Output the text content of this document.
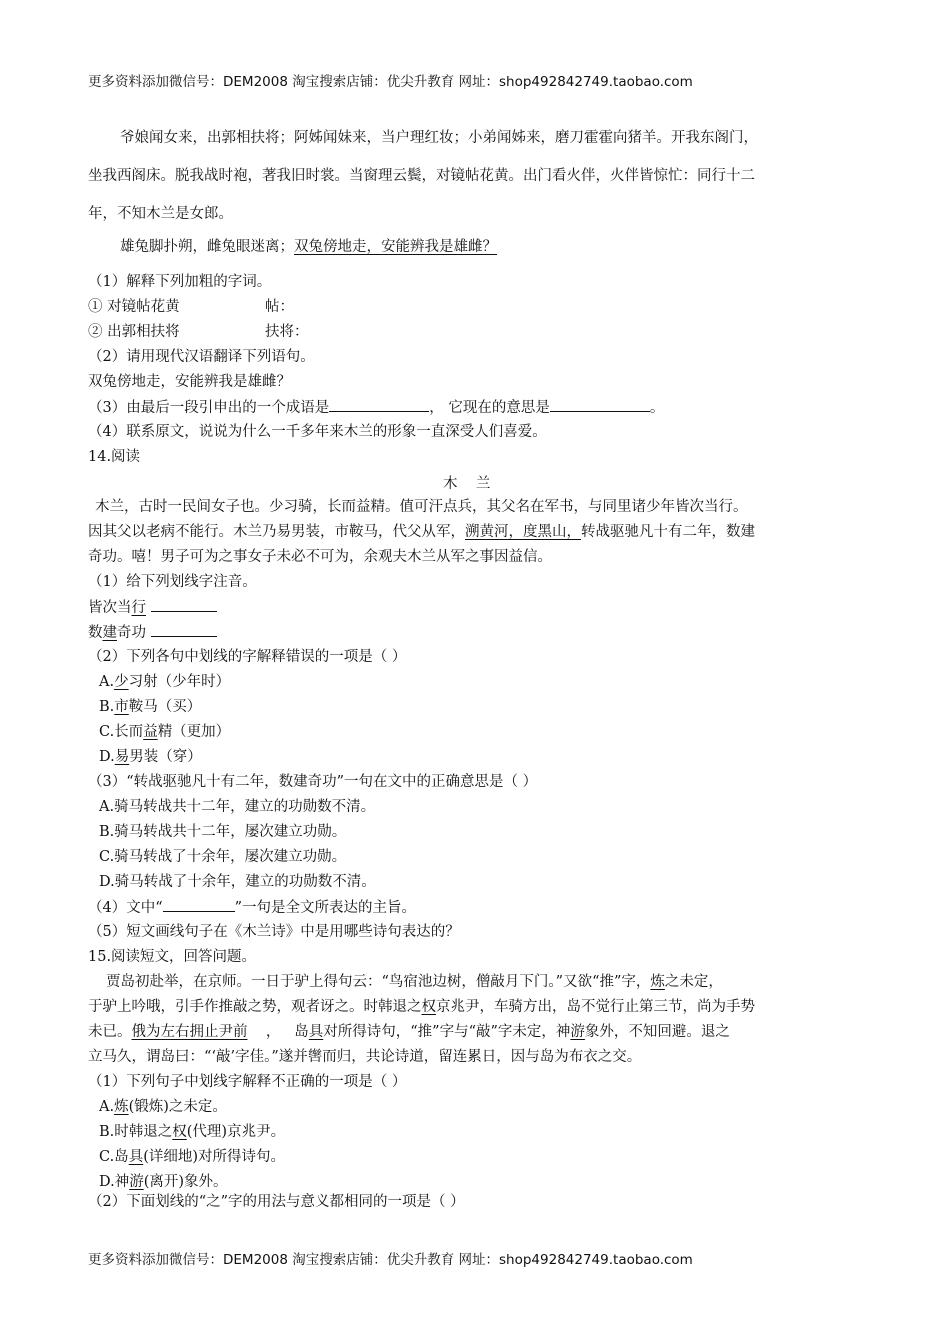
更多资料添加微信号：DEM2008 淘宝搜索店铺：优尖升教育 网址：shop492842749.taobao.com
爷娘闻女来，出郭相扶将；阿姊闻妹来，当户理红妆；小弟闻姊来，磨刀霍霍向猪羊。开我东阁门，
坐我西阁床。脱我战时袍，著我旧时裳。当窗理云鬓，对镜帖花黄。出门看火伴，火伴皆惊忙：同行十二
年，不知木兰是女郎。
雄兔脚扑朔，雌兔眼迷离；双兔傍地走，安能辨我是雄雌？
（1）解释下列加粗的字词。
① 对镜帖花黄	帖：
② 出郭相扶将	扶将：
（2）请用现代汉语翻译下列语句。
双兔傍地走，安能辨我是雄雌？
（3）由最后一段引申出的一个成语是	， 它现在的意思是	。
（4）联系原文，说说为什么一千多年来木兰的形象一直深受人们喜爱。
14.阅读
木    兰
木兰，古时一民间女子也。少习骑，长而益精。值可汗点兵，其父名在军书，与同里诸少年皆次当行。
因其父以老病不能行。木兰乃易男装，市鞍马，代父从军，溯黄河，度黑山，转战驱驰凡十有二年，数建
奇功。嘻！男子可为之事女子未必不可为，余观夫木兰从军之事因益信。
（1）给下列划线字注音。
皆次当行
数建奇功
（2）下列各句中划线的字解释错误的一项是（ ）
A.少习射（少年时）
B.市鞍马（买）
C.长而益精（更加）
D.易男装（穿）
（3）“转战驱驰凡十有二年，数建奇功”一句在文中的正确意思是（ ）
A.骑马转战共十二年，建立的功勋数不清。
B.骑马转战共十二年，屡次建立功勋。
C.骑马转战了十余年，屡次建立功勋。
D.骑马转战了十余年，建立的功勋数不清。
（4）文中“	”一句是全文所表达的主旨。
（5）短文画线句子在《木兰诗》中是用哪些诗句表达的？
15.阅读短文，回答问题。
贾岛初赴举，在京师。一日于驴上得句云：“鸟宿池边树，僧敲月下门。”又欲“推”字，炼之未定，
于驴上吟哦，引手作推敲之势，观者讶之。时韩退之权京兆尹，车骑方出，岛不觉行止第三节，尚为手势
未已。俄为左右拥止尹前    ，   岛具对所得诗句，“推”字与“敲”字未定，神游象外，不知回避。退之
立马久，谓岛曰：“‘敲’字佳。”遂并辔而归，共论诗道，留连累日，因与岛为布衣之交。
（1）下列句子中划线字解释不正确的一项是（ ）
A.炼(锻炼)之未定。
B.时韩退之权(代理)京兆尹。
C.岛具(详细地)对所得诗句。
D.神游(离开)象外。
（2）下面划线的“之”字的用法与意义都相同的一项是（ ）
更多资料添加微信号：DEM2008 淘宝搜索店铺：优尖升教育 网址：shop492842749.taobao.com
